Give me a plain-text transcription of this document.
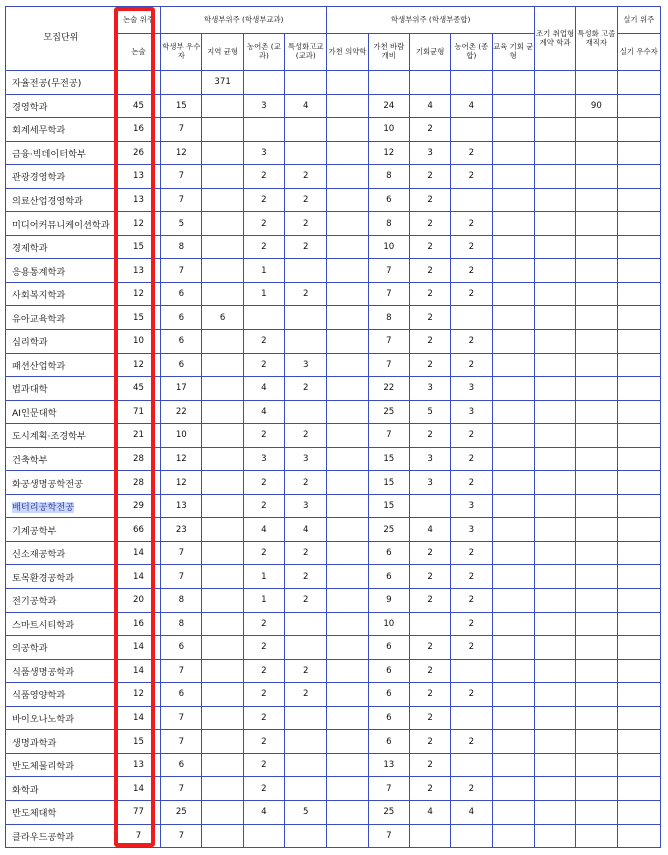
모집단위	논술 위주	학생부위주 (학생부교과)				학생부위주 (학생부종합)					조기 취업형 계약 학과	특성화 고졸 재직자	실기 위주
	논술	학생부 우수자	지역 균형	농어촌 (교과)	특성화고교 (교과)	가천 의약학	가천 바람 개비	기회균형	농어촌 (종합)	교육 기회 균형			실기 우수자
자율전공(무전공)			371										
경영학과	45	15		3	4		24	4	4			90	
회계세무학과	16	7					10	2					
금융·빅데이터학부	26	12		3			12	3	2				
관광경영학과	13	7		2	2		8	2	2				
의료산업경영학과	13	7		2	2		6	2					
미디어커뮤니케이션학과	12	5		2	2		8	2	2				
경제학과	15	8		2	2		10	2	2				
응용통계학과	13	7		1			7	2	2				
사회복지학과	12	6		1	2		7	2	2				
유아교육학과	15	6	6				8	2					
심리학과	10	6		2			7	2	2				
패션산업학과	12	6		2	3		7	2	2				
법과대학	45	17		4	2		22	3	3				
AI인문대학	71	22		4			25	5	3				
도시계획·조경학부	21	10		2	2		7	2	2				
건축학부	28	12		3	3		15	3	2				
화공생명공학전공	28	12		2	2		15	3	2				
배터리공학전공	29	13		2	3		15		3				
기계공학부	66	23		4	4		25	4	3				
신소재공학과	14	7		2	2		6	2	2				
토목환경공학과	14	7		1	2		6	2	2				
전기공학과	20	8		1	2		9	2	2				
스마트시티학과	16	8		2			10		2				
의공학과	14	6		2			6	2	2				
식품생명공학과	14	7		2	2		6	2					
식품영양학과	12	6		2	2		6	2	2				
바이오나노학과	14	7		2			6	2					
생명과학과	15	7		2			6	2	2				
반도체물리학과	13	6		2			13	2					
화학과	14	7		2			7	2	2				
반도체대학	77	25		4	5		25	4	4				
클라우드공학과	7	7					7						
